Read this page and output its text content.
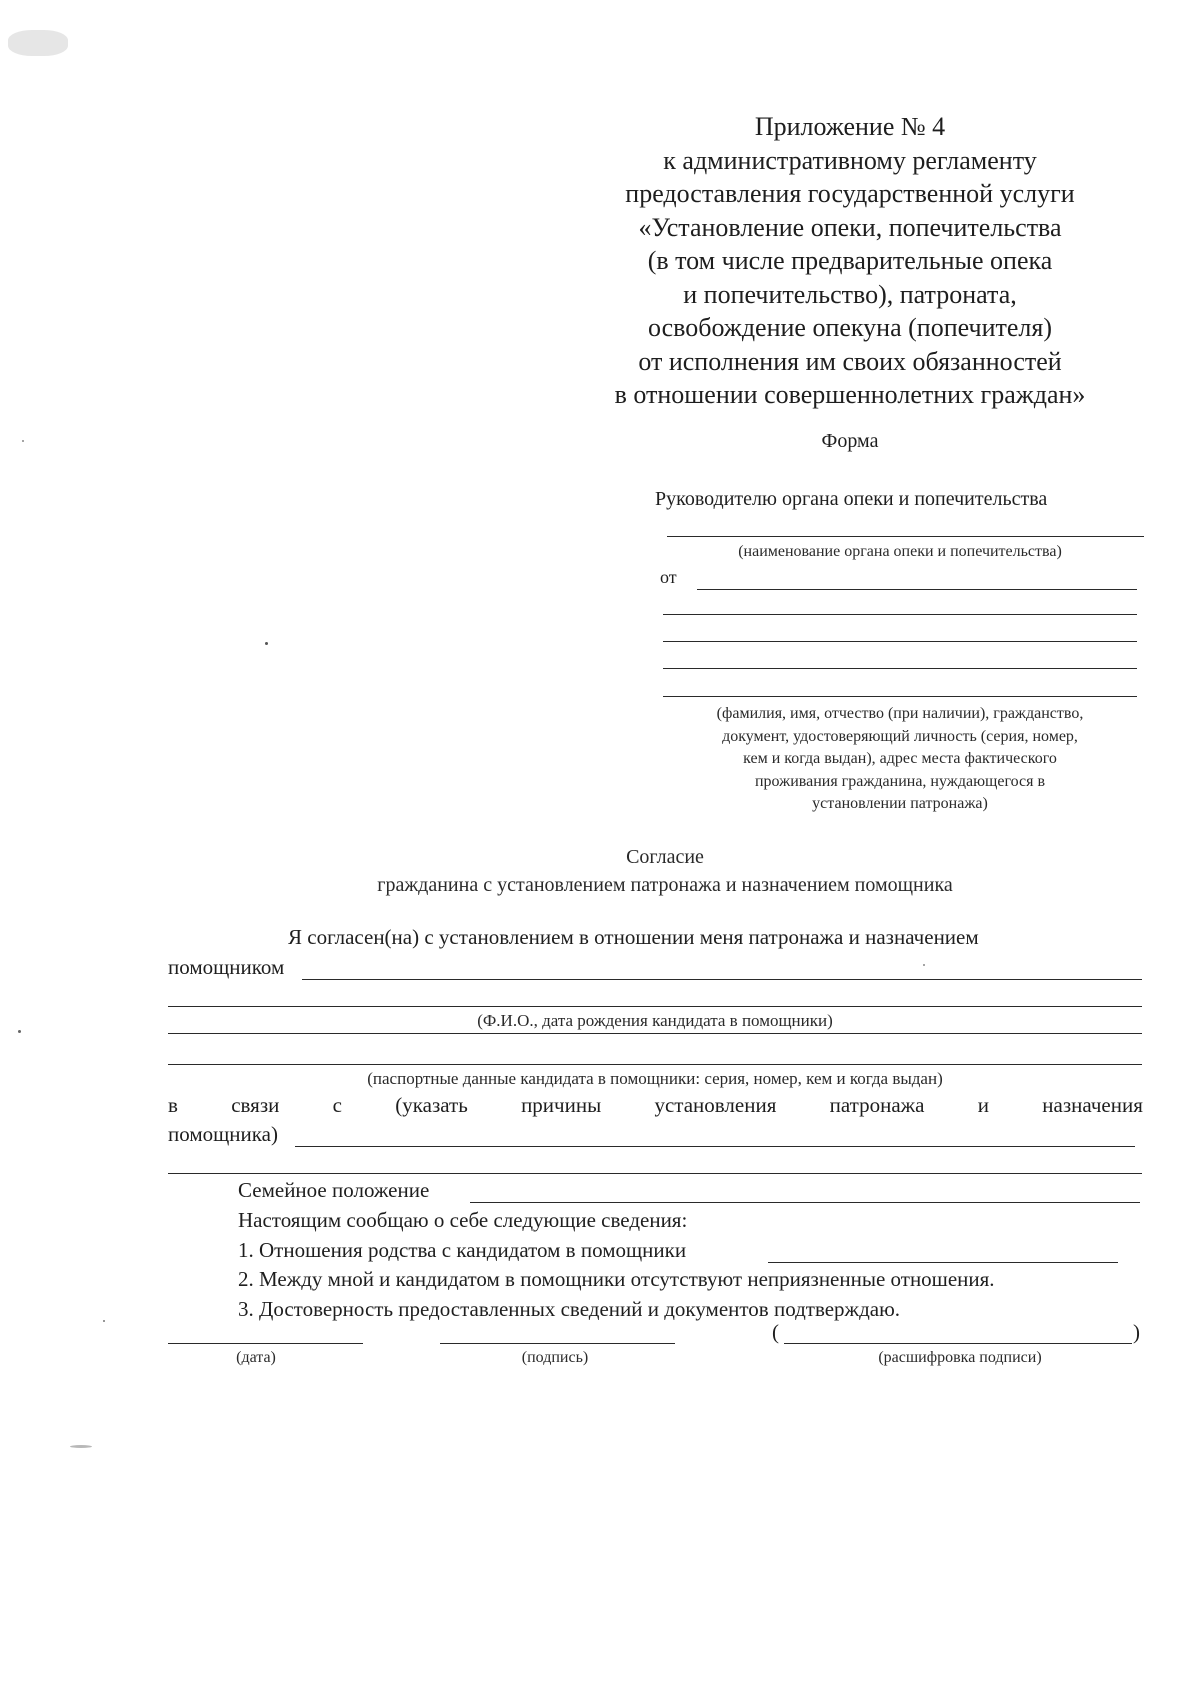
Приложение № 4
к административному регламенту
предоставления государственной услуги
«Установление опеки, попечительства
(в том числе предварительные опека
и попечительство), патроната,
освобождение опекуна (попечителя)
от исполнения им своих обязанностей
в отношении совершеннолетних граждан»
Форма
Руководителю органа опеки и попечительства
(наименование органа опеки и попечительства)
от
(фамилия, имя, отчество (при наличии), гражданство,
документ, удостоверяющий личность (серия, номер,
кем и когда выдан), адрес места фактического
проживания гражданина, нуждающегося в
установлении патронажа)
Согласие
гражданина с установлением патронажа и назначением помощника
Я согласен(на) с установлением в отношении меня патронажа и назначением
помощником
(Ф.И.О., дата рождения кандидата в помощники)
(паспортные данные кандидата в помощники: серия, номер, кем и когда выдан)
в	связи	с	(указать	причины	установления	патронажа	и	назначения
помощника)
Семейное положение
Настоящим сообщаю о себе следующие сведения:
1. Отношения родства с кандидатом в помощники
2. Между мной и кандидатом в помощники отсутствуют неприязненные отношения.
3. Достоверность предоставленных сведений и документов подтверждаю.
(	)
(дата)	(подпись)	(расшифровка подписи)
